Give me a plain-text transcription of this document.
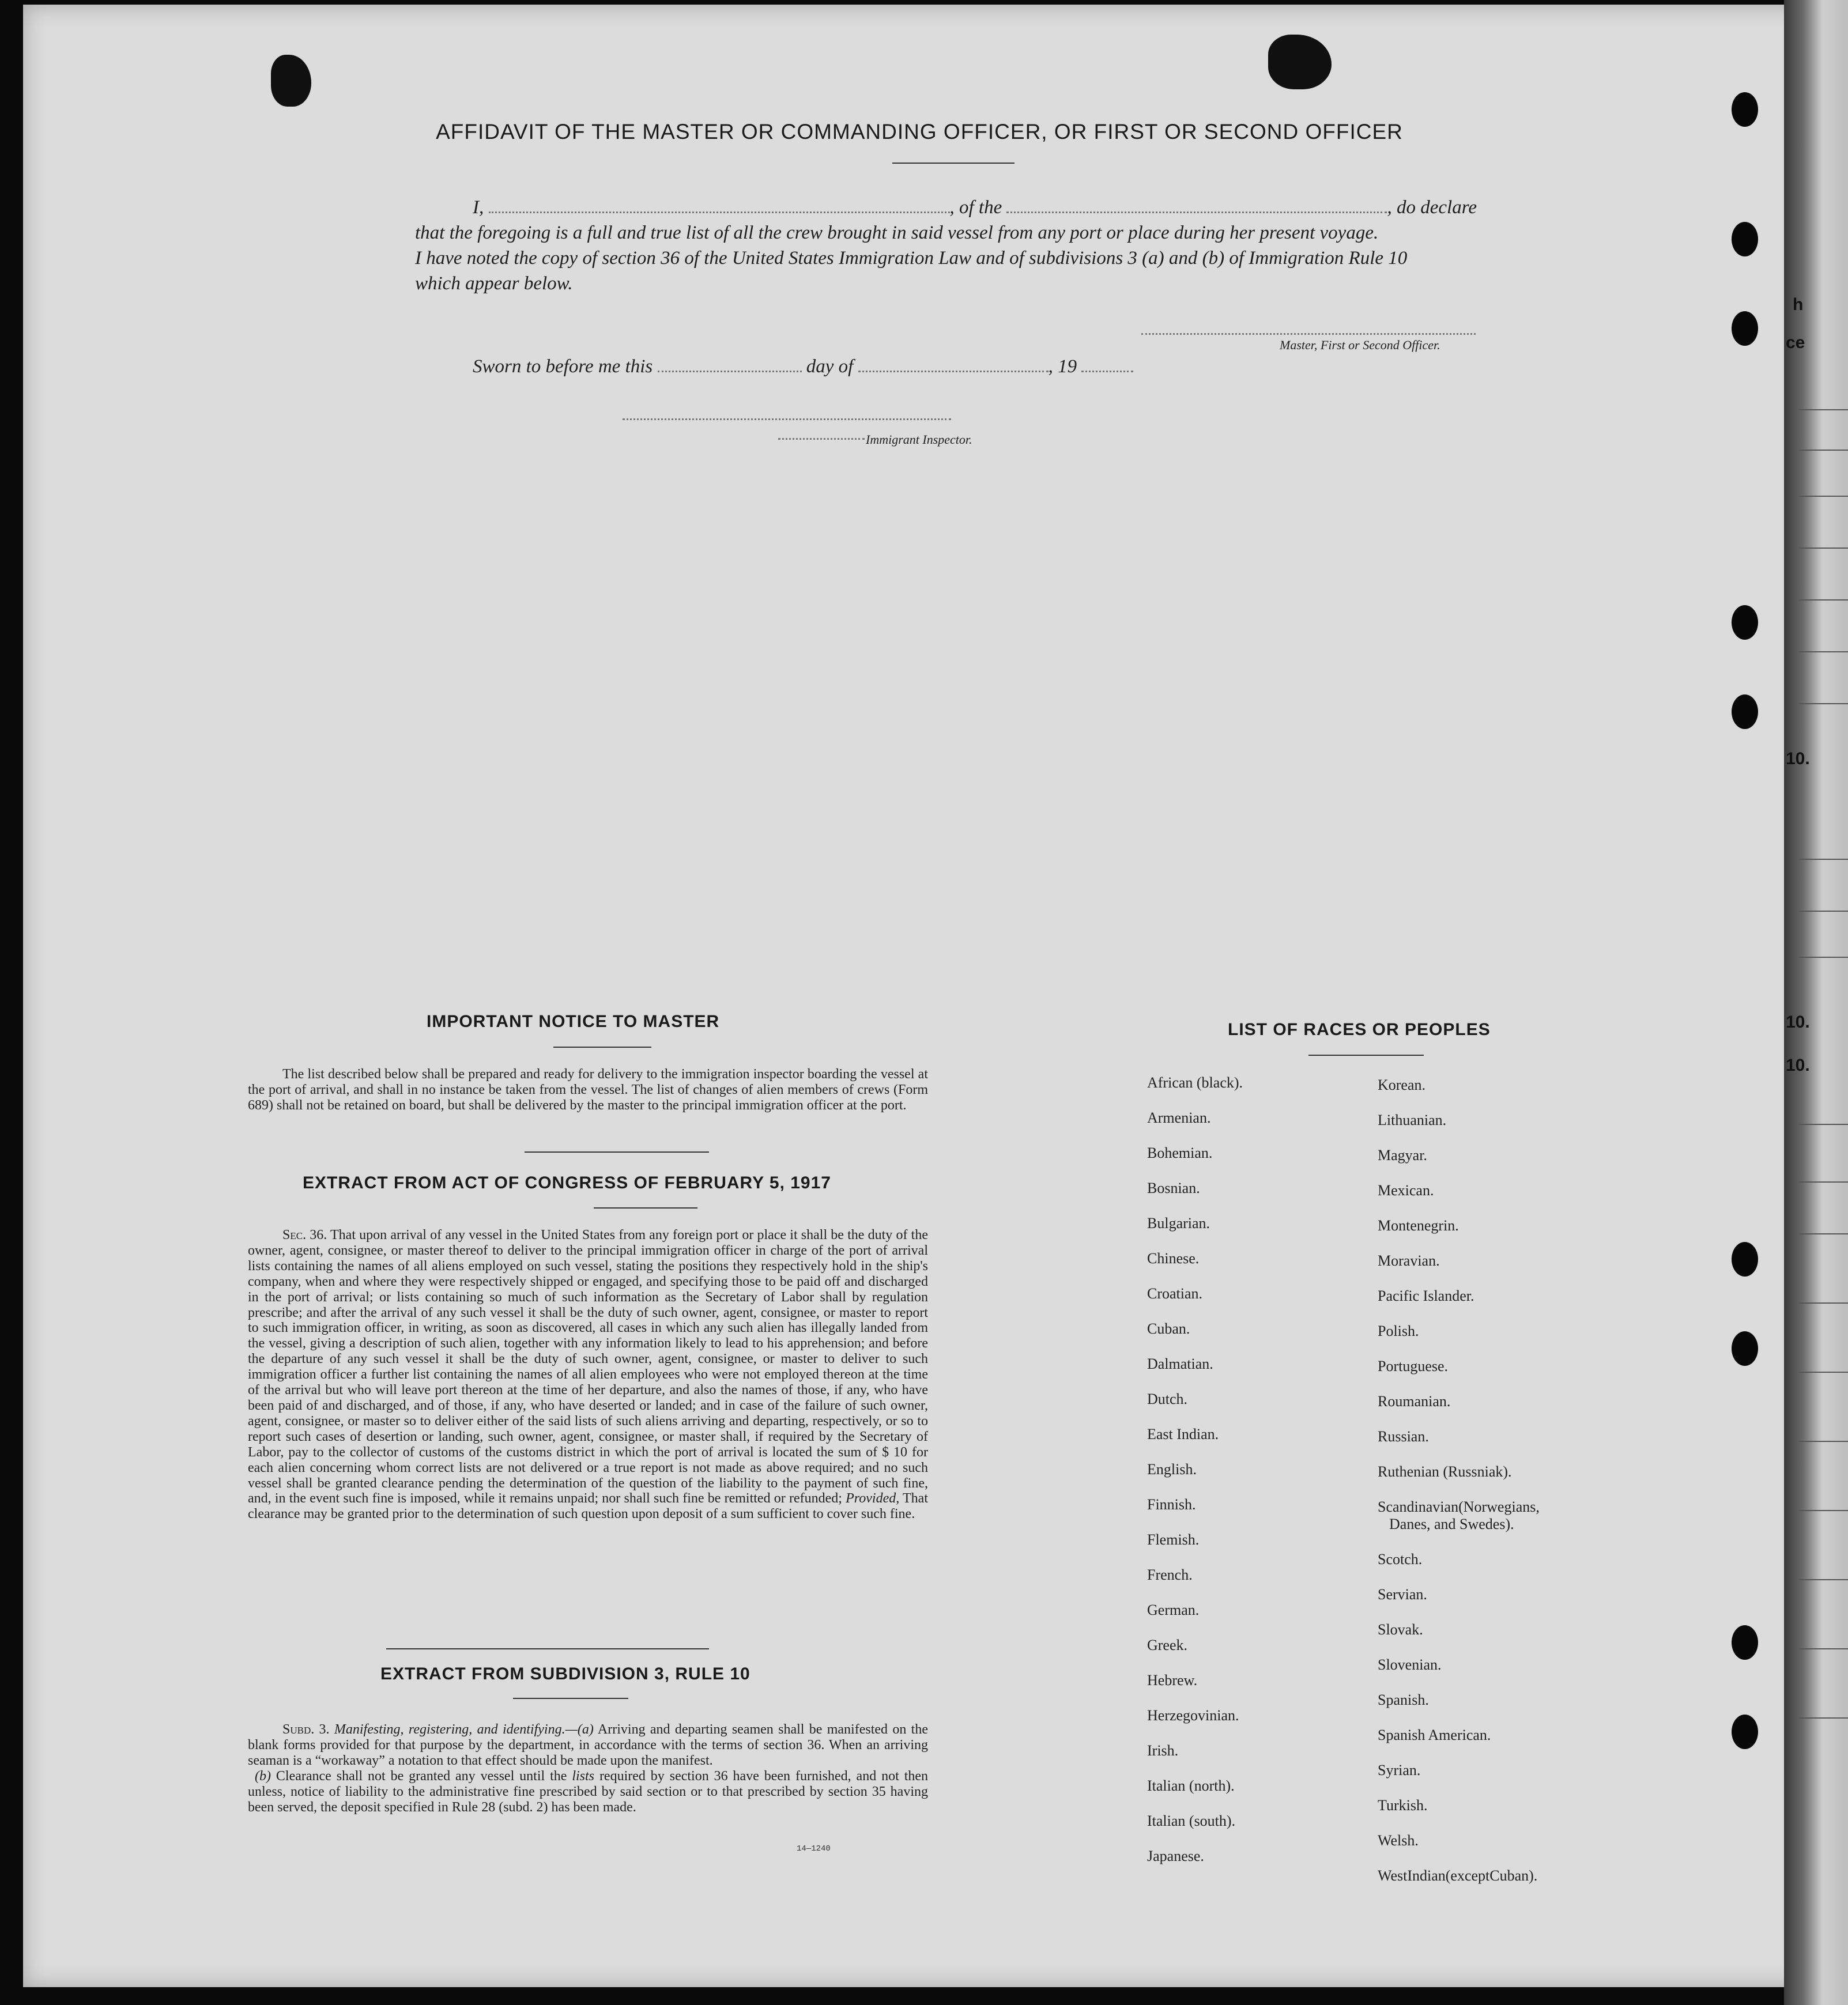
AFFIDAVIT OF THE MASTER OR COMMANDING OFFICER, OR FIRST OR SECOND OFFICER
I,	, of the	, do declare
that the foregoing is a full and true list of all the crew brought in said vessel from any port or place during her present voyage.
I have noted the copy of section 36 of the United States Immigration Law and of subdivisions 3 (a) and (b) of Immigration Rule 10
which appear below.
Master, First or Second Officer.
Sworn to before me this	day of	, 19
Immigrant Inspector.
IMPORTANT NOTICE TO MASTER
The list described below shall be prepared and ready for delivery to the immigration inspector boarding the vessel at the port of arrival, and shall in no instance be taken from the vessel. The list of changes of alien members of crews (Form 689) shall not be retained on board, but shall be delivered by the master to the principal immigration officer at the port.
EXTRACT FROM ACT OF CONGRESS OF FEBRUARY 5, 1917
Sec. 36. That upon arrival of any vessel in the United States from any foreign port or place it shall be the duty of the owner, agent, consignee, or master thereof to deliver to the principal immigration officer in charge of the port of arrival lists containing the names of all aliens employed on such vessel, stating the positions they respectively hold in the ship's company, when and where they were respectively shipped or engaged, and specifying those to be paid off and discharged in the port of arrival; or lists containing so much of such information as the Secretary of Labor shall by regulation prescribe; and after the arrival of any such vessel it shall be the duty of such owner, agent, consignee, or master to report to such immigration officer, in writing, as soon as discovered, all cases in which any such alien has illegally landed from the vessel, giving a description of such alien, together with any information likely to lead to his apprehension; and before the departure of any such vessel it shall be the duty of such owner, agent, consignee, or master to deliver to such immigration officer a further list containing the names of all alien employees who were not employed thereon at the time of the arrival but who will leave port thereon at the time of her departure, and also the names of those, if any, who have been paid of and discharged, and of those, if any, who have deserted or landed; and in case of the failure of such owner, agent, consignee, or master so to deliver either of the said lists of such aliens arriving and departing, respectively, or so to report such cases of desertion or landing, such owner, agent, consignee, or master shall, if required by the Secretary of Labor, pay to the collector of customs of the customs district in which the port of arrival is located the sum of $ 10 for each alien concerning whom correct lists are not delivered or a true report is not made as above required; and no such vessel shall be granted clearance pending the determination of the question of the liability to the payment of such fine, and, in the event such fine is imposed, while it remains unpaid; nor shall such fine be remitted or refunded; Provided, That clearance may be granted prior to the determination of such question upon deposit of a sum sufficient to cover such fine.
EXTRACT FROM SUBDIVISION 3, RULE 10
Subd. 3. Manifesting, registering, and identifying.—(a) Arriving and departing seamen shall be manifested on the blank forms provided for that purpose by the department, in accordance with the terms of section 36. When an arriving seaman is a “workaway” a notation to that effect should be made upon the manifest.
(b) Clearance shall not be granted any vessel until the lists required by section 36 have been furnished, and not then unless, notice of liability to the administrative fine prescribed by said section or to that prescribed by section 35 having been served, the deposit specified in Rule 28 (subd. 2) has been made.
14—1240
LIST OF RACES OR PEOPLES
African (black).
Armenian.
Bohemian.
Bosnian.
Bulgarian.
Chinese.
Croatian.
Cuban.
Dalmatian.
Dutch.
East Indian.
English.
Finnish.
Flemish.
French.
German.
Greek.
Hebrew.
Herzegovinian.
Irish.
Italian (north).
Italian (south).
Japanese.
Korean.
Lithuanian.
Magyar.
Mexican.
Montenegrin.
Moravian.
Pacific Islander.
Polish.
Portuguese.
Roumanian.
Russian.
Ruthenian (Russniak).
Scandinavian(Norwegians,
Danes, and Swedes).
Scotch.
Servian.
Slovak.
Slovenian.
Spanish.
Spanish American.
Syrian.
Turkish.
Welsh.
WestIndian(exceptCuban).
h
ce
10.
10.
10.
